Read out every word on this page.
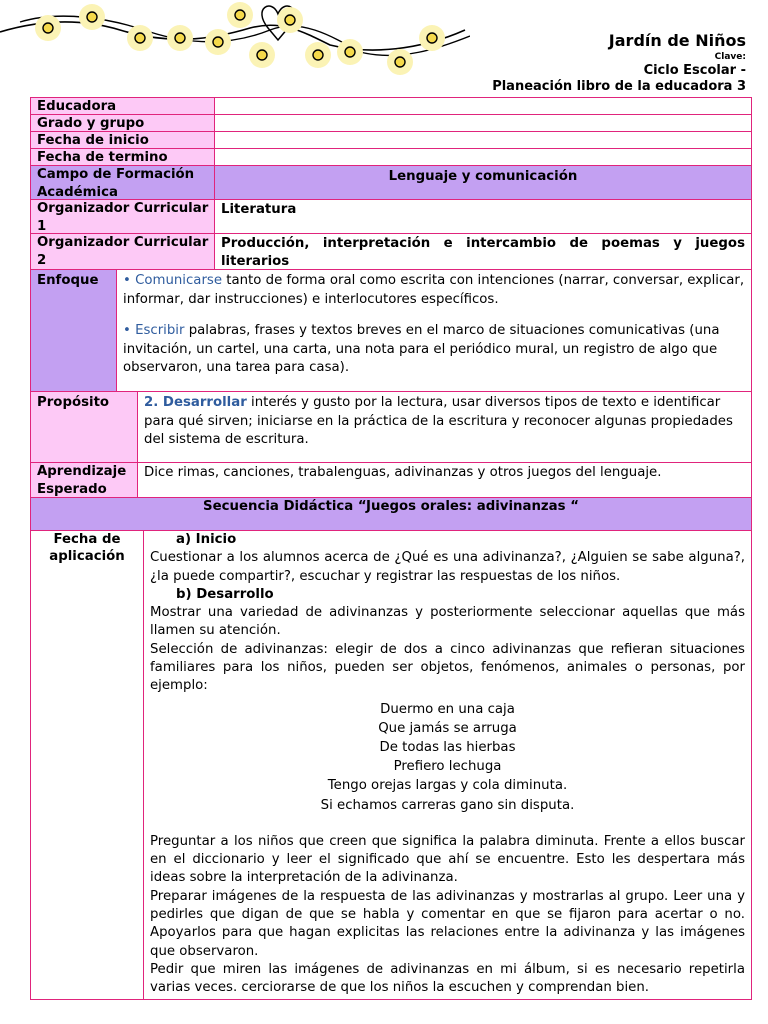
Jardín de Niños
Clave:
Ciclo Escolar -
Planeación libro de la educadora 3
Educadora
Grado y grupo
Fecha de inicio
Fecha de termino
Campo de Formación Académica
Lenguaje y comunicación
Organizador Curricular 1
Literatura
Organizador Curricular 2
Producción, interpretación e intercambio de poemas y juegos literarios
Enfoque	• Comunicarse tanto de forma oral como escrita con intenciones (narrar, conversar, explicar, informar, dar instrucciones) e interlocutores específicos.

• Escribir palabras, frases y textos breves en el marco de situaciones comunicativas (una invitación, un cartel, una carta, una nota para el periódico mural, un registro de algo que observaron, una tarea para casa).

Propósito	2. Desarrollar interés y gusto por la lectura, usar diversos tipos de texto e identificar para qué sirven; iniciarse en la práctica de la escritura y reconocer algunas propiedades del sistema de escritura.

Aprendizaje Esperado
Dice rimas, canciones, trabalenguas, adivinanzas y otros juegos del lenguaje.
Secuencia Didáctica “Juegos orales: adivinanzas “
Fecha de aplicación

a) Inicio

Cuestionar a los alumnos acerca de ¿Qué es una adivinanza?, ¿Alguien se sabe alguna?, ¿la puede compartir?, escuchar y registrar las respuestas de los niños.

b) Desarrollo

Mostrar una variedad de adivinanzas y posteriormente seleccionar aquellas que más llamen su atención.

Selección de adivinanzas: elegir de dos a cinco adivinanzas que refieran situaciones familiares para los niños, pueden ser objetos, fenómenos, animales o personas, por ejemplo:

Duermo en una caja

Que jamás se arruga

De todas las hierbas

Prefiero lechuga

Tengo orejas largas y cola diminuta.

Si echamos carreras gano sin disputa.

Preguntar a los niños que creen que significa la palabra diminuta. Frente a ellos buscar en el diccionario y leer el significado que ahí se encuentre. Esto les despertara más ideas sobre la interpretación de la adivinanza.

Preparar imágenes de la respuesta de las adivinanzas y mostrarlas al grupo. Leer una y pedirles que digan de que se habla y comentar en que se fijaron para acertar o no. Apoyarlos para que hagan explicitas las relaciones entre la adivinanza y las imágenes que observaron.

Pedir que miren las imágenes de adivinanzas en mi álbum, si es necesario repetirla varias veces. cerciorarse de que los niños la escuchen y comprendan bien.
